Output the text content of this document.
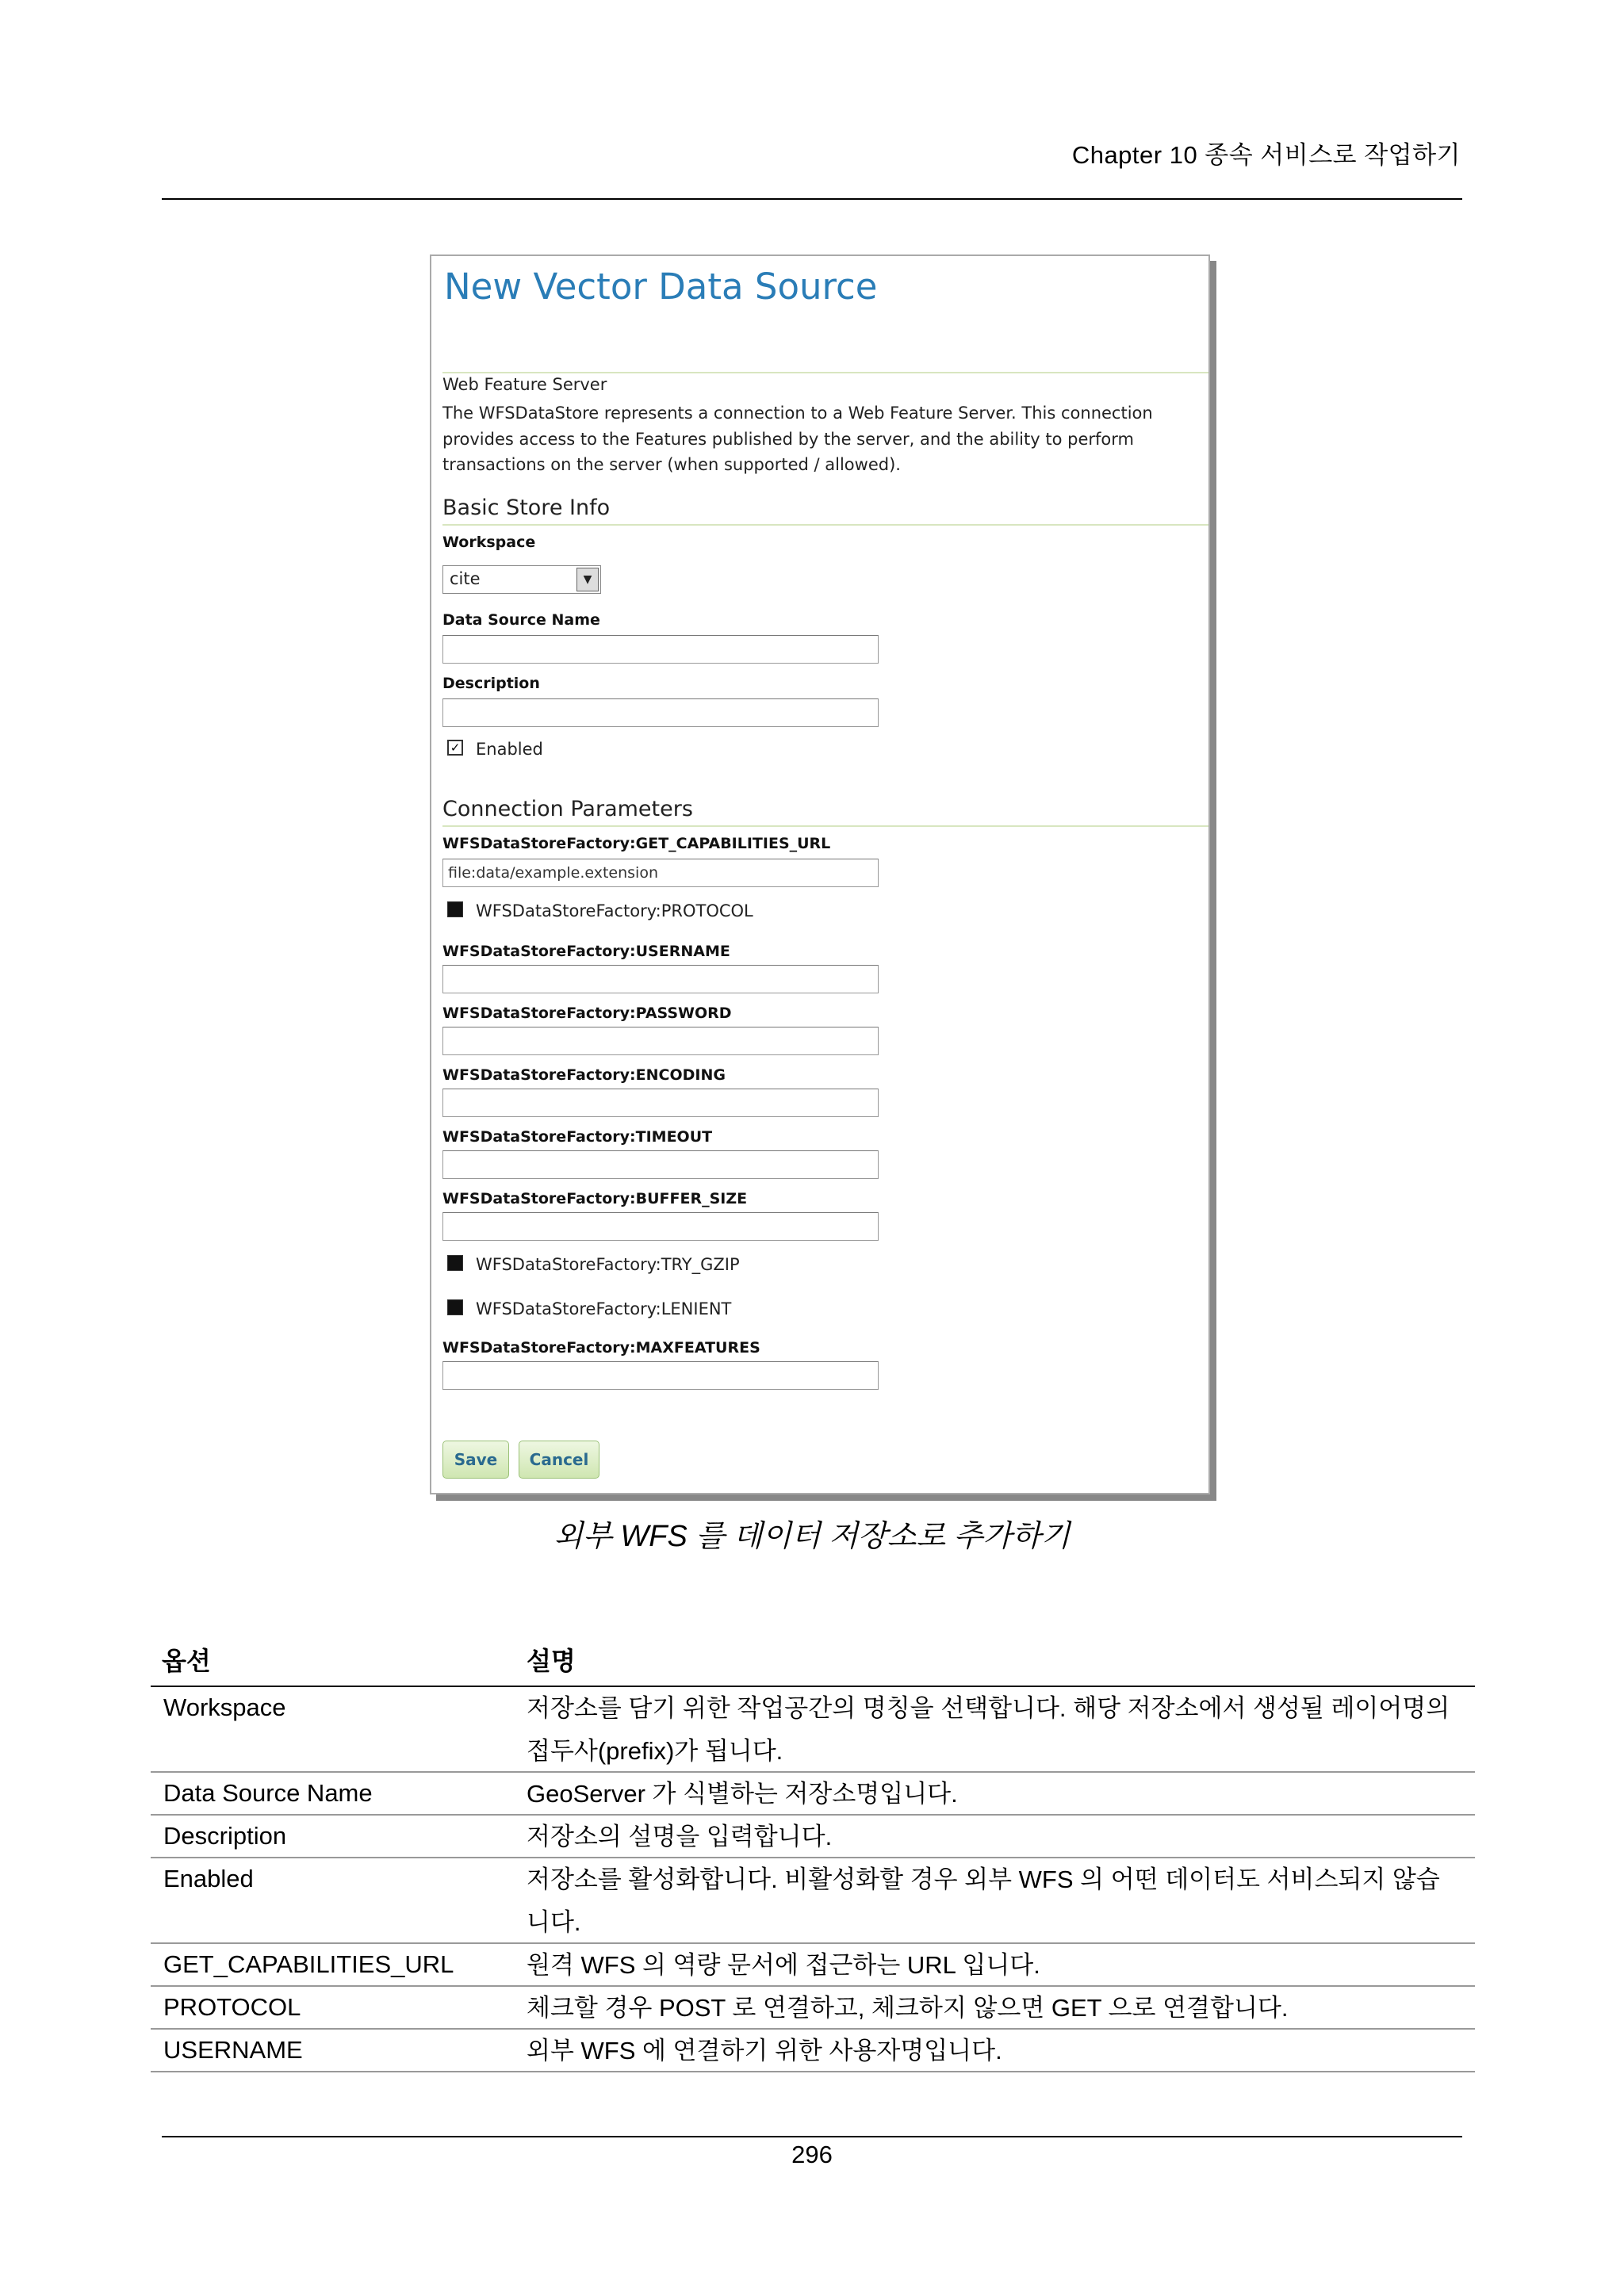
Chapter 10 종속 서비스로 작업하기
New Vector Data Source
Web Feature Server
The WFSDataStore represents a connection to a Web Feature Server. This connection provides access to the Features published by the server, and the ability to perform transactions on the server (when supported / allowed).
Basic Store Info
Workspace
cite	▼
Data Source Name
Description
✓ Enabled
Connection Parameters
WFSDataStoreFactory:GET_CAPABILITIES_URL
file:data/example.extension
WFSDataStoreFactory:PROTOCOL
WFSDataStoreFactory:USERNAME
WFSDataStoreFactory:PASSWORD
WFSDataStoreFactory:ENCODING
WFSDataStoreFactory:TIMEOUT
WFSDataStoreFactory:BUFFER_SIZE
WFSDataStoreFactory:TRY_GZIP
WFSDataStoreFactory:LENIENT
WFSDataStoreFactory:MAXFEATURES
Save	Cancel
외부 WFS 를 데이터 저장소로 추가하기
옵션	설명
Workspace	저장소를 담기 위한 작업공간의 명칭을 선택합니다. 해당 저장소에서 생성될 레이어명의 접두사(prefix)가 됩니다.
Data Source Name	GeoServer 가 식별하는 저장소명입니다.
Description	저장소의 설명을 입력합니다.
Enabled	저장소를 활성화합니다. 비활성화할 경우 외부 WFS 의 어떤 데이터도 서비스되지 않습니다.
GET_CAPABILITIES_URL	원격 WFS 의 역량 문서에 접근하는 URL 입니다.
PROTOCOL	체크할 경우 POST 로 연결하고, 체크하지 않으면 GET 으로 연결합니다.
USERNAME	외부 WFS 에 연결하기 위한 사용자명입니다.
296
